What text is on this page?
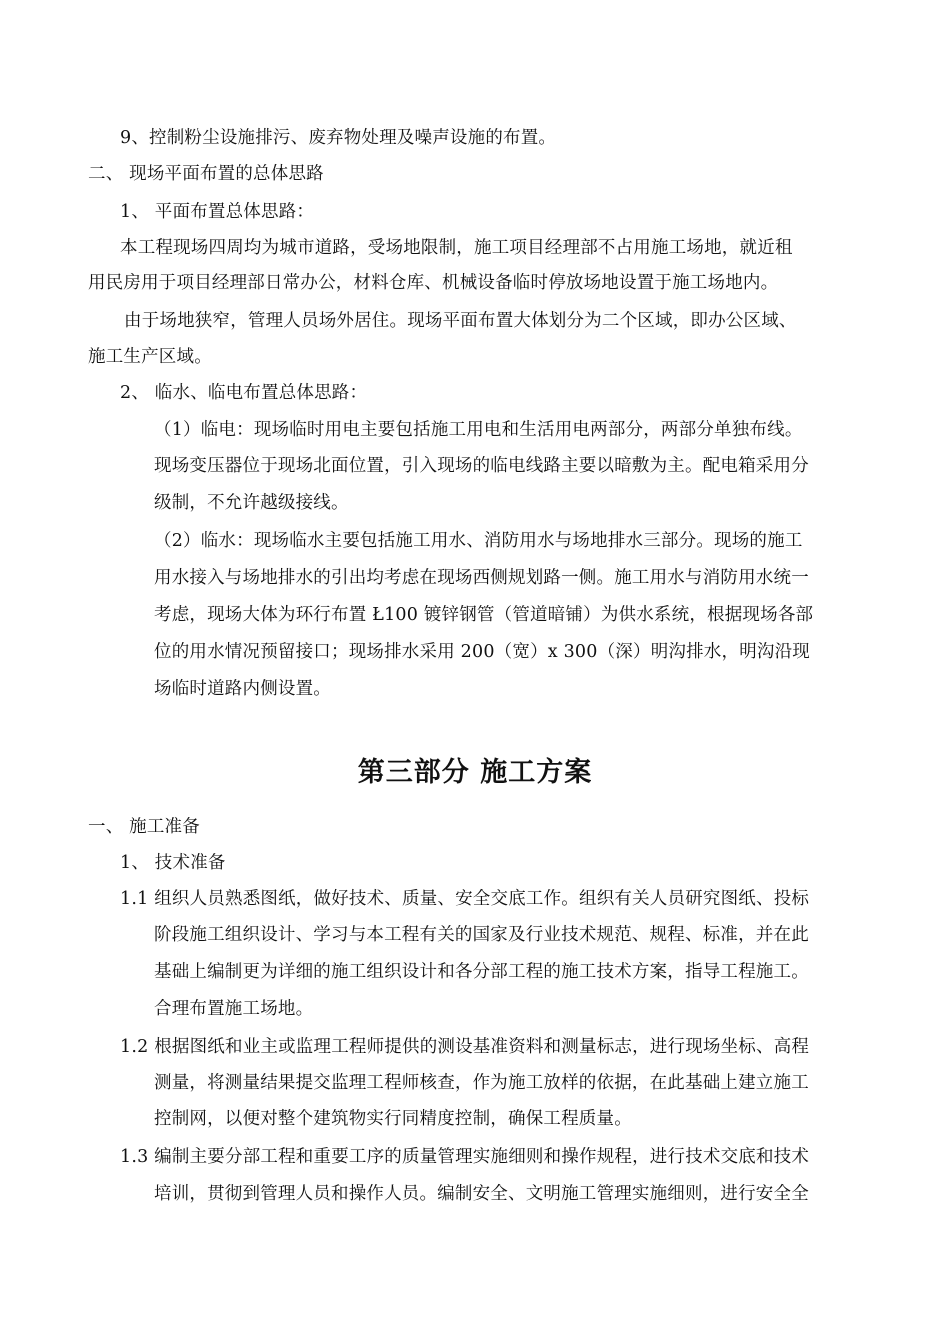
9、控制粉尘设施排污、废弃物处理及噪声设施的布置。
二、 现场平面布置的总体思路
1、 平面布置总体思路：
本工程现场四周均为城市道路，受场地限制，施工项目经理部不占用施工场地，就近租
用民房用于项目经理部日常办公，材料仓库、机械设备临时停放场地设置于施工场地内。
由于场地狭窄，管理人员场外居住。现场平面布置大体划分为二个区域，即办公区域、
施工生产区域。
2、 临水、临电布置总体思路：
（1）临电：现场临时用电主要包括施工用电和生活用电两部分，两部分单独布线。
现场变压器位于现场北面位置，引入现场的临电线路主要以暗敷为主。配电箱采用分
级制，不允许越级接线。
（2）临水：现场临水主要包括施工用水、消防用水与场地排水三部分。现场的施工
用水接入与场地排水的引出均考虑在现场西侧规划路一侧。施工用水与消防用水统一
考虑，现场大体为环行布置 Ł100 镀锌钢管（管道暗铺）为供水系统，根据现场各部
位的用水情况预留接口；现场排水采用 200（宽）x 300（深）明沟排水，明沟沿现
场临时道路内侧设置。
第三部分 施工方案
一、 施工准备
1、 技术准备
1.1 组织人员熟悉图纸，做好技术、质量、安全交底工作。组织有关人员研究图纸、投标
阶段施工组织设计、学习与本工程有关的国家及行业技术规范、规程、标准，并在此
基础上编制更为详细的施工组织设计和各分部工程的施工技术方案，指导工程施工。
合理布置施工场地。
1.2 根据图纸和业主或监理工程师提供的测设基准资料和测量标志，进行现场坐标、高程
测量，将测量结果提交监理工程师核查，作为施工放样的依据，在此基础上建立施工
控制网，以便对整个建筑物实行同精度控制，确保工程质量。
1.3 编制主要分部工程和重要工序的质量管理实施细则和操作规程，进行技术交底和技术
培训，贯彻到管理人员和操作人员。编制安全、文明施工管理实施细则，进行安全全
